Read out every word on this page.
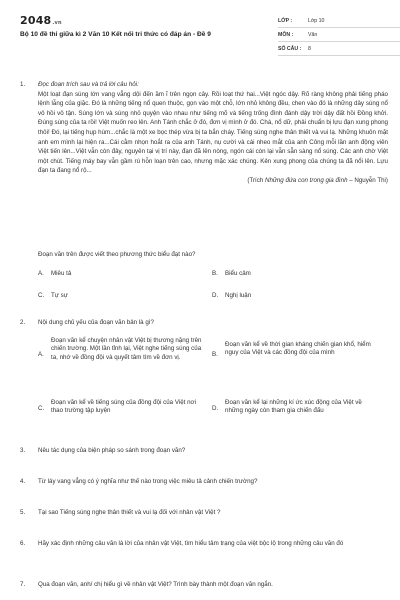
2048.vn
Bộ 10 đề thi giữa kì 2 Văn 10 Kết nối tri thức có đáp án - Đề 9
LỚP :	Lớp 10
MÔN :	Văn
SỐ CÂU : 8
1.	Đọc đoạn trích sau và trả lời câu hỏi:
Một loạt đạn súng lớn vang vẳng dội đến ầm ĩ trên ngọn cây. Rồi loạt thứ hai...Việt ngóc dậy. Rõ ràng không phải tiếng pháo lệnh lẫng của giặc. Đó là những tiếng nổ quen thuộc, gọn vào một chỗ, lớn nhỏ không đều, chen vào đó là những dây súng nổ vô hồi vô tận. Súng lớn và súng nhỏ quyện vào nhau như tiếng mõ và tiếng trống đình đánh dậy trời dậy đất hồi Đồng khởi. Đúng súng của ta rồi! Việt muốn reo lên. Anh Tánh chắc ở đó, đơn vị mình ở đó. Chà, nổ dữ, phải chuẩn bị lựu đạn xung phong thôi! Đó, lại tiếng hụp hùm...chắc là một xe bọc thép vừa bị ta bắn cháy. Tiếng súng nghe thân thiết và vui lạ. Những khuôn mặt anh em mình lại hiện ra...Cái cằm nhọn hoắt ra của anh Tánh, nụ cười và cái nheo mắt của anh Công mỗi lần anh động viên Việt tiến lên...Việt vẫn còn đây, nguyên tại vị trí này, đạn đã lên nòng, ngón cái còn lại vẫn sẵn sàng nổ súng. Các anh chờ Việt một chút. Tiếng máy bay vẫn gầm rú hỗn loạn trên cao, nhưng mặc xác chúng. Kẻn xung phong của chúng ta đã nổi lên. Lựu đạn ta đang nổ rộ...
(Trích Những đứa con trong gia đình – Nguyễn Thi)
Đoạn văn trên được viết theo phương thức biểu đạt nào?
A.	Miêu tả	B.	Biểu cảm
C.	Tự sự	D.	Nghị luận
2.	Nội dung chủ yếu của đoạn văn bản là gì?
A.
Đoạn văn kể chuyện nhân vật Việt bị thương nặng trên chiến trường. Một lần tỉnh lại, Việt nghe tiếng súng của ta, nhớ về đồng đội và quyết tâm tìm về đơn vị.	B.
Đoạn văn kể về thời gian kháng chiến gian khổ, hiểm nguy của Việt và các đồng đội của mình
C.
Đoạn văn kể về tiếng súng của đồng đội của Việt nơi thao trường tập luyện	D.
Đoạn văn kể lại những kí ức xúc động của Việt về những ngày còn tham gia chiến đấu
3.	Nêu tác dụng của biện pháp so sánh trong đoạn văn?
4.	Từ láy vang vẳng có ý nghĩa như thế nào trong việc miêu tả cảnh chiến trường?
5.	Tại sao Tiếng súng nghe thân thiết và vui lạ đối với nhân vật Việt ?
6.	Hãy xác định những câu văn là lời của nhân vật Việt, tìm hiểu tâm trạng của việt bộc lộ trong những câu văn đó
7.	Qua đoạn văn, anh/ chị hiểu gì về nhân vật Việt? Trình bày thành một đoạn văn ngắn.
